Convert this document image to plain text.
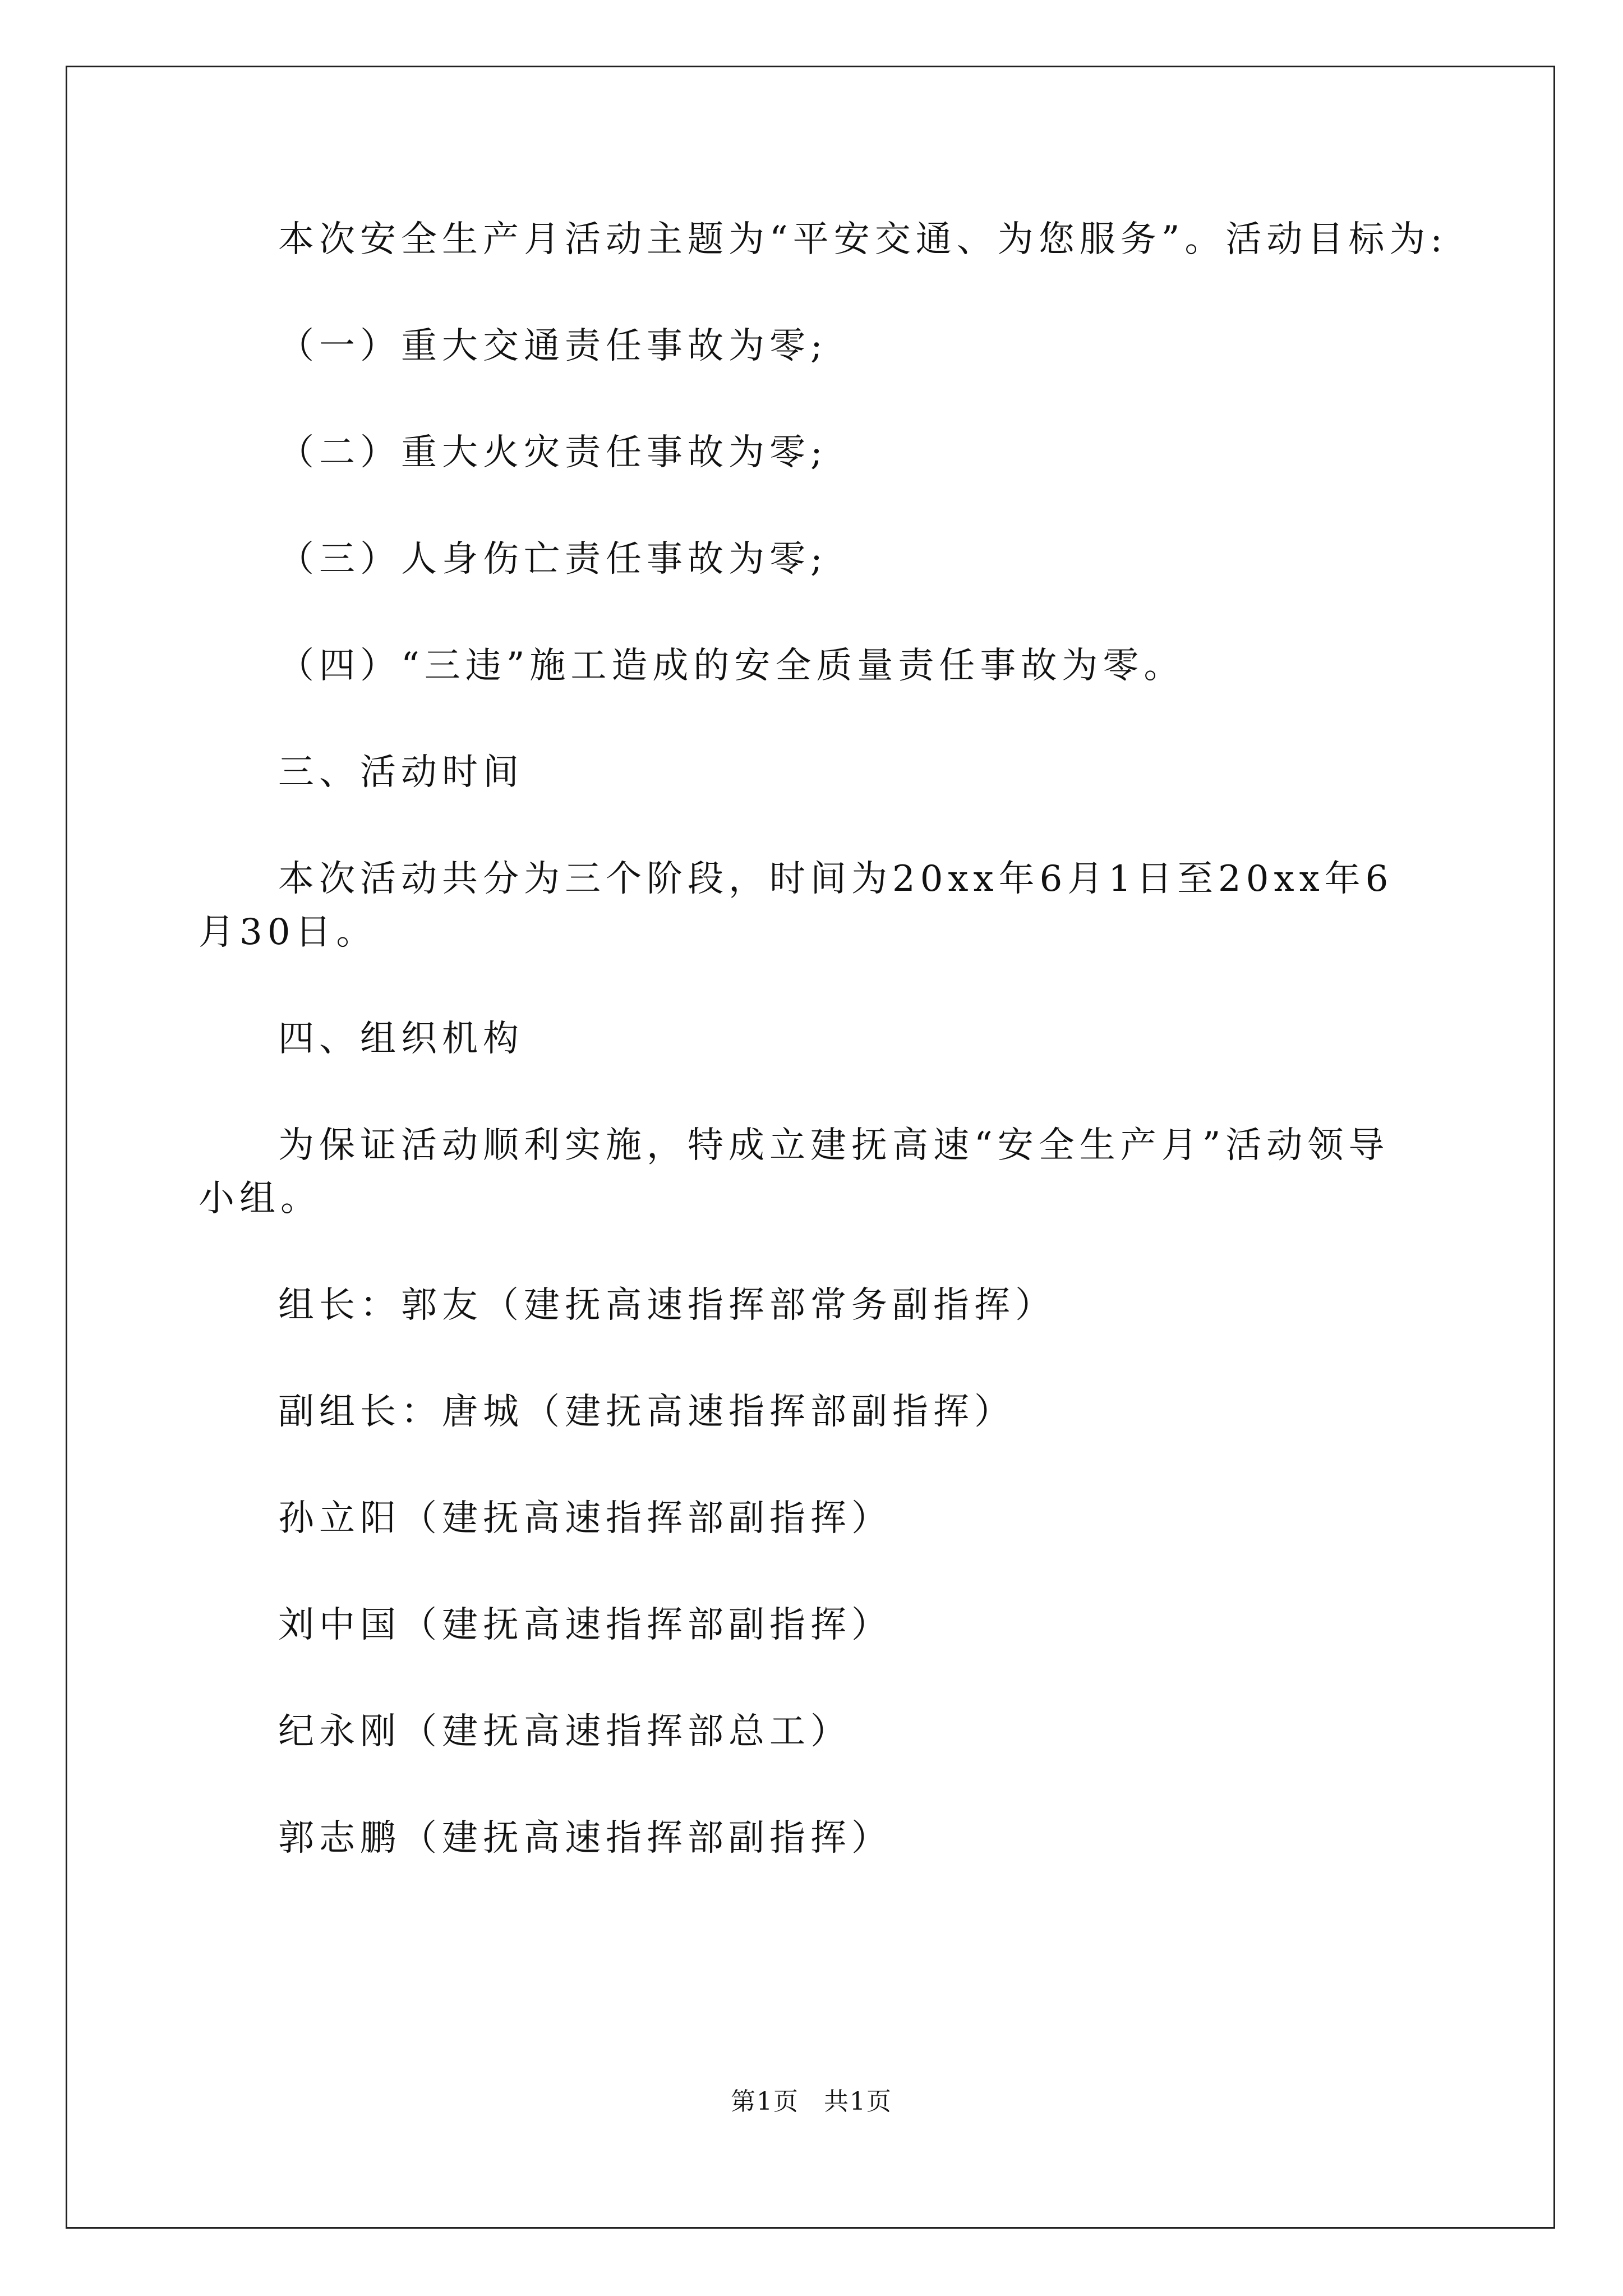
本次安全生产月活动主题为“平安交通、为您服务”。活动目标为:

（一）重大交通责任事故为零;

（二）重大火灾责任事故为零;

（三）人身伤亡责任事故为零;

（四）“三违”施工造成的安全质量责任事故为零。

三、活动时间

本次活动共分为三个阶段，时间为20xx年6月1日至20xx年6月30日。

四、组织机构

为保证活动顺利实施，特成立建抚高速“安全生产月”活动领导小组。

组长：郭友（建抚高速指挥部常务副指挥）

副组长：唐城（建抚高速指挥部副指挥）

孙立阳（建抚高速指挥部副指挥）

刘中国（建抚高速指挥部副指挥）

纪永刚（建抚高速指挥部总工）

郭志鹏（建抚高速指挥部副指挥）

第1页 共1页
